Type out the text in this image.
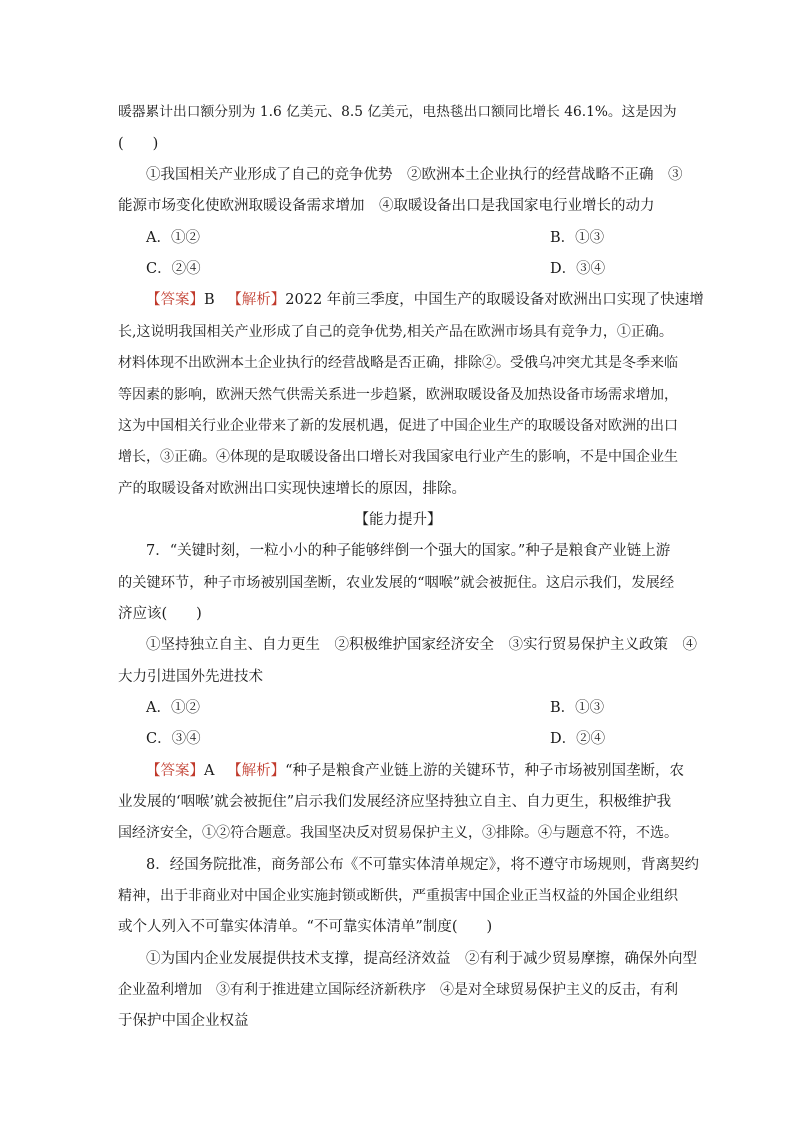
暖器累计出口额分别为 1.6 亿美元、8.5 亿美元，电热毯出口额同比增长 46.1%。这是因为
(　　)
①我国相关产业形成了自己的竞争优势　②欧洲本土企业执行的经营战略不正确　③
能源市场变化使欧洲取暖设备需求增加　④取暖设备出口是我国家电行业增长的动力
A．①②	B．①③
C．②④	D．③④
【答案】B 【解析】2022 年前三季度，中国生产的取暖设备对欧洲出口实现了快速增
长,这说明我国相关产业形成了自己的竞争优势,相关产品在欧洲市场具有竞争力，①正确。
材料体现不出欧洲本土企业执行的经营战略是否正确，排除②。受俄乌冲突尤其是冬季来临
等因素的影响，欧洲天然气供需关系进一步趋紧，欧洲取暖设备及加热设备市场需求增加，
这为中国相关行业企业带来了新的发展机遇，促进了中国企业生产的取暖设备对欧洲的出口
增长，③正确。④体现的是取暖设备出口增长对我国家电行业产生的影响，不是中国企业生
产的取暖设备对欧洲出口实现快速增长的原因，排除。
【能力提升】
7．“关键时刻，一粒小小的种子能够绊倒一个强大的国家。”种子是粮食产业链上游
的关键环节，种子市场被别国垄断，农业发展的“咽喉”就会被扼住。这启示我们，发展经
济应该(　　)
①坚持独立自主、自力更生　②积极维护国家经济安全　③实行贸易保护主义政策　④
大力引进国外先进技术
A．①②	B．①③
C．③④	D．②④
【答案】A 【解析】“种子是粮食产业链上游的关键环节，种子市场被别国垄断，农
业发展的‘咽喉’就会被扼住”启示我们发展经济应坚持独立自主、自力更生，积极维护我
国经济安全，①②符合题意。我国坚决反对贸易保护主义，③排除。④与题意不符，不选。
8．经国务院批准，商务部公布《不可靠实体清单规定》，将不遵守市场规则，背离契约
精神，出于非商业对中国企业实施封锁或断供，严重损害中国企业正当权益的外国企业组织
或个人列入不可靠实体清单。“不可靠实体清单”制度(　　)
①为国内企业发展提供技术支撑，提高经济效益　②有利于减少贸易摩擦，确保外向型
企业盈利增加　③有利于推进建立国际经济新秩序　④是对全球贸易保护主义的反击，有利
于保护中国企业权益
